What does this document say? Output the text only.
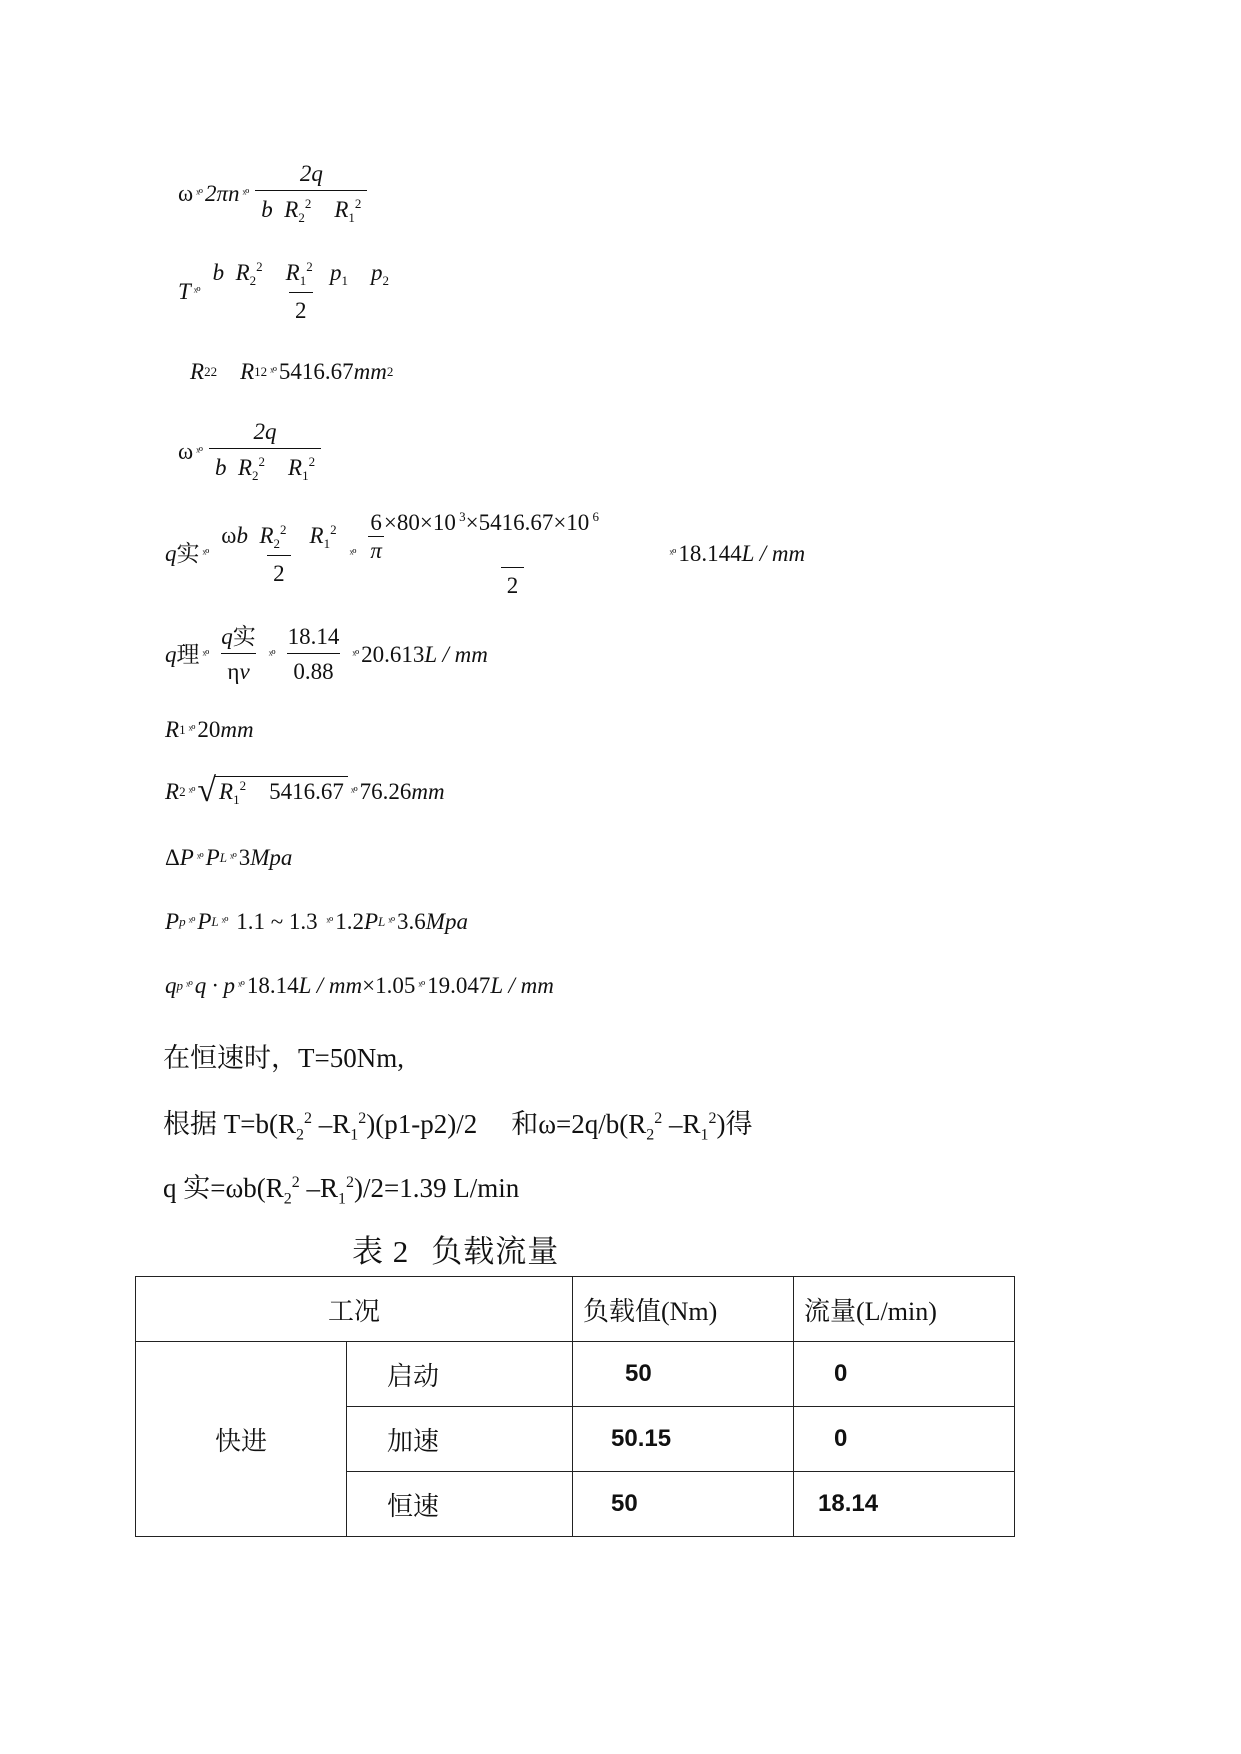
ω ˣº 2πn ˣº $\frac{2q}{b R_2^2 R_1^2}$
T ˣº $\frac{b R_2^2 R_1^2 p_1 p_2}{2}$
R 2 2
R 1 2 ˣº 5416.67 mm 2
ω ˣº $\frac{2q}{b R_2^2 R_1^2}$
q 实 ˣº $\frac{\omega b R_2^2 R_1^2}{2}$ ˣº $\frac{\frac{6}{\pi} \times 80\times 10 ^3\times 5416.67\times 10 ^6}{2}$ ˣº 18.144 L / mm
q 理 ˣº $\frac{\text{q实}}{\eta v}$ ˣº $\frac{18.14}{0.88}$ ˣº 20.613 L / mm
R 1 ˣº 20 mm
R 2 ˣº √ $R_1^2$    5416.67 ˣº 76.26 mm
Δ P ˣº P L ˣº 3 Mpa
P p ˣº P L ˣº 1.1 ~ 1.3 ˣº 1.2 P L ˣº 3.6 Mpa
q p ˣº q · p ˣº 18.14 L / mm ×1.05 ˣº 19.047 L / mm
在恒速时，T=50Nm,
根据 $T=b(R_2^2$ $-R_1^2)(p1-p2)/2$ 和$\omega=2q/b(R_2^2$ $-R_1^2$)得
q 实$=\omega b(R_2^2$ $-R_1^2)/2=1.39$ L/min
表 2 负载流量
工况		负载值(Nm)	流量(L/min)
快进	启动	50	0
	加速	50.15	0
	恒速	50	18.14
